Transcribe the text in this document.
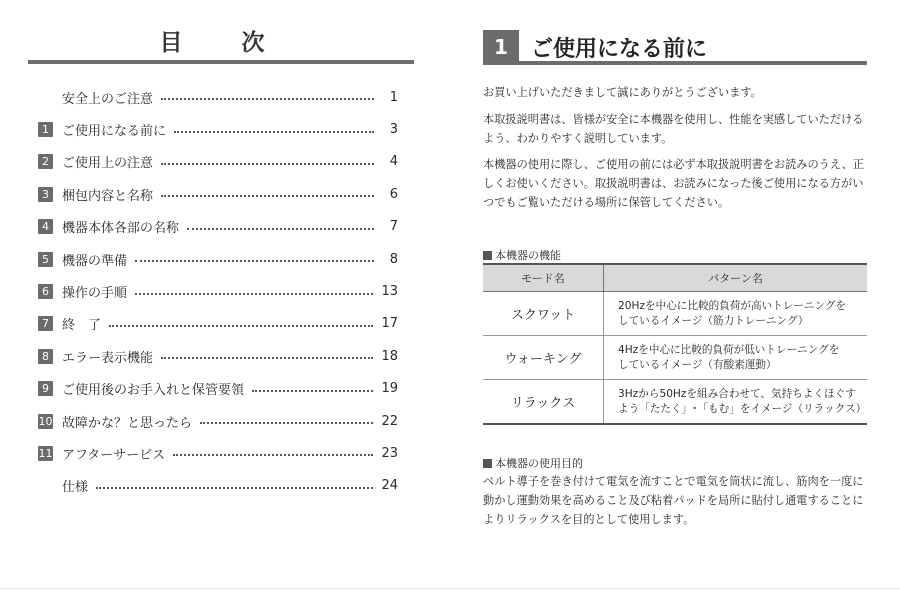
目　次
安全上のご注意	1
1	ご使用になる前に	3
2	ご使用上の注意	4
3	梱包内容と名称	6
4	機器本体各部の名称	7
5	機器の準備	8
6	操作の手順	13
7	終　了	17
8	エラー表示機能	18
9	ご使用後のお手入れと保管要領	19
10 故障かな？と思ったら	22
11 アフターサービス	23
仕様	24
1	ご使用になる前に
お買い上げいただきまして誠にありがとうございます。
本取扱説明書は、皆様が安全に本機器を使用し、性能を実感していただけるよう、わかりやすく説明しています。
本機器の使用に際し、ご使用の前には必ず本取扱説明書をお読みのうえ、正しくお使いください。取扱説明書は、お読みになった後ご使用になる方がいつでもご覧いただける場所に保管してください。
本機器の機能
モード名	パターン名
スクワット	20Hzを中心に比較的負荷が高いトレーニングを
しているイメージ（筋力トレーニング）

ウォーキング	4Hzを中心に比較的負荷が低いトレーニングを
しているイメージ（有酸素運動）

リラックス	3Hzから50Hzを組み合わせて、気持ちよくほぐす
よう「たたく」･「もむ」をイメージ（リラックス）
本機器の使用目的
ベルト導子を巻き付けて電気を流すことで電気を筒状に流し、筋肉を一度に動かし運動効果を高めること及び粘着パッドを局所に貼付し通電することによりリラックスを目的として使用します。
